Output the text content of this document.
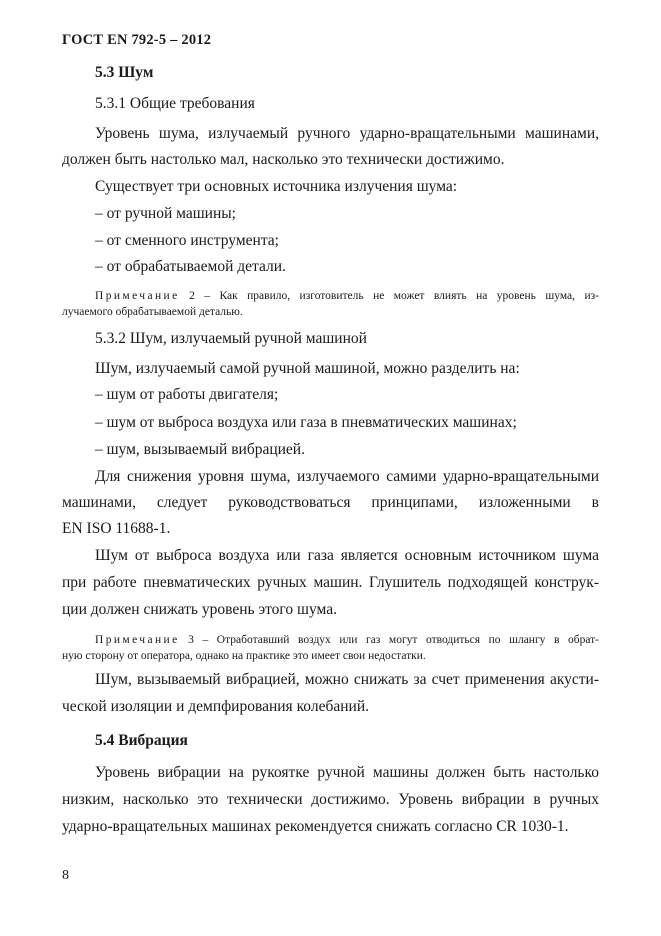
ГОСТ EN 792-5 – 2012
5.3 Шум
5.3.1 Общие требования
Уровень шума, излучаемый ручного ударно-вращательными машинами,
должен быть настолько мал, насколько это технически достижимо.
Существует три основных источника излучения шума:
– от ручной машины;
– от сменного инструмента;
– от обрабатываемой детали.
Примечание 2 – Как правило, изготовитель не может влиять на уровень шума, из-
лучаемого обрабатываемой деталью.
5.3.2 Шум, излучаемый ручной машиной
Шум, излучаемый самой ручной машиной, можно разделить на:
– шум от работы двигателя;
– шум от выброса воздуха или газа в пневматических машинах;
– шум, вызываемый вибрацией.
Для снижения уровня шума, излучаемого самими ударно-вращательными
машинами, следует руководствоваться принципами, изложенными в
EN ISO 11688-1.
Шум от выброса воздуха или газа является основным источником шума
при работе пневматических ручных машин. Глушитель подходящей конструк-
ции должен снижать уровень этого шума.
Примечание 3 – Отработавший воздух или газ могут отводиться по шлангу в обрат-
ную сторону от оператора, однако на практике это имеет свои недостатки.
Шум, вызываемый вибрацией, можно снижать за счет применения акусти-
ческой изоляции и демпфирования колебаний.
5.4 Вибрация
Уровень вибрации на рукоятке ручной машины должен быть настолько
низким, насколько это технически достижимо. Уровень вибрации в ручных
ударно-вращательных машинах рекомендуется снижать согласно CR 1030-1.
8
